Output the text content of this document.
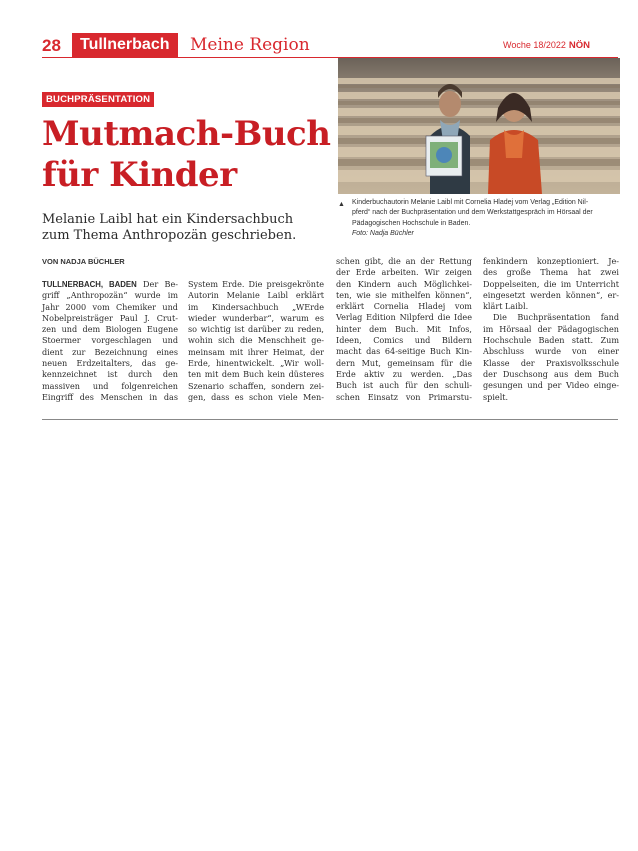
28	Tullnerbach	Meine Region	Woche 18/2022 NÖN
BUCHPRÄSENTATION
Mutmach-Buch
für Kinder
Melanie Laibl hat ein Kindersachbuch
zum Thema Anthropozän geschrieben.
VON NADJA BÜCHLER
▲ Kinderbuchautorin Melanie Laibl mit Cornelia Hladej vom Verlag „Edition Nil-
pferd“ nach der Buchpräsentation und dem Werkstattgespräch im Hörsaal der
Pädagogischen Hochschule in Baden.
Foto: Nadja Büchler
TULLNERBACH, BADEN Der Be-
griff „Anthropozän“ wurde im
Jahr 2000 vom Chemiker und
Nobelpreisträger Paul J. Crut-
zen und dem Biologen Eugene
Stoermer vorgeschlagen und
dient zur Bezeichnung eines
neuen Erdzeitalters, das ge-
kennzeichnet ist durch den
massiven und folgenreichen
Eingriff des Menschen in das
System Erde. Die preisgekrönte
Autorin Melanie Laibl erklärt
im Kindersachbuch „WErde
wieder wunderbar“, warum es
so wichtig ist darüber zu reden,
wohin sich die Menschheit ge-
meinsam mit ihrer Heimat, der
Erde, hinentwickelt. „Wir woll-
ten mit dem Buch kein düsteres
Szenario schaffen, sondern zei-
gen, dass es schon viele Men-
schen gibt, die an der Rettung
der Erde arbeiten. Wir zeigen
den Kindern auch Möglichkei-
ten, wie sie mithelfen können“,
erklärt Cornelia Hladej vom
Verlag Edition Nilpferd die Idee
hinter dem Buch. Mit Infos,
Ideen, Comics und Bildern
macht das 64-seitige Buch Kin-
dern Mut, gemeinsam für die
Erde aktiv zu werden. „Das
Buch ist auch für den schuli-
schen Einsatz von Primarstu-
fenkindern konzeptioniert. Je-
des große Thema hat zwei
Doppelseiten, die im Unterricht
eingesetzt werden können“, er-
klärt Laibl.
Die Buchpräsentation fand
im Hörsaal der Pädagogischen
Hochschule Baden statt. Zum
Abschluss wurde von einer
Klasse der Praxisvolksschule
der Duschsong aus dem Buch
gesungen und per Video einge-
spielt.
